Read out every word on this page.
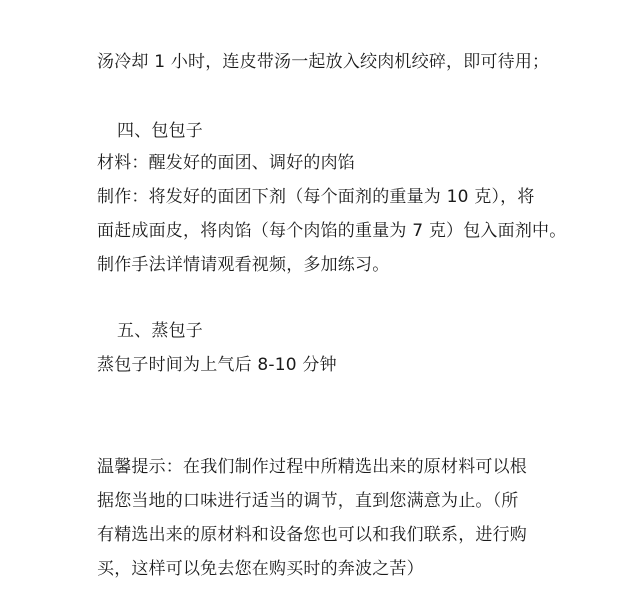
汤冷却 1 小时，连皮带汤一起放入绞肉机绞碎，即可待用；
四、包包子
材料：醒发好的面团、调好的肉馅
制作：将发好的面团下剂（每个面剂的重量为 10 克），将
面赶成面皮，将肉馅（每个肉馅的重量为 7 克）包入面剂中。
制作手法详情请观看视频，多加练习。
五、蒸包子
蒸包子时间为上气后 8-10 分钟
温馨提示：在我们制作过程中所精选出来的原材料可以根
据您当地的口味进行适当的调节，直到您满意为止。（所
有精选出来的原材料和设备您也可以和我们联系，进行购
买，这样可以免去您在购买时的奔波之苦）
